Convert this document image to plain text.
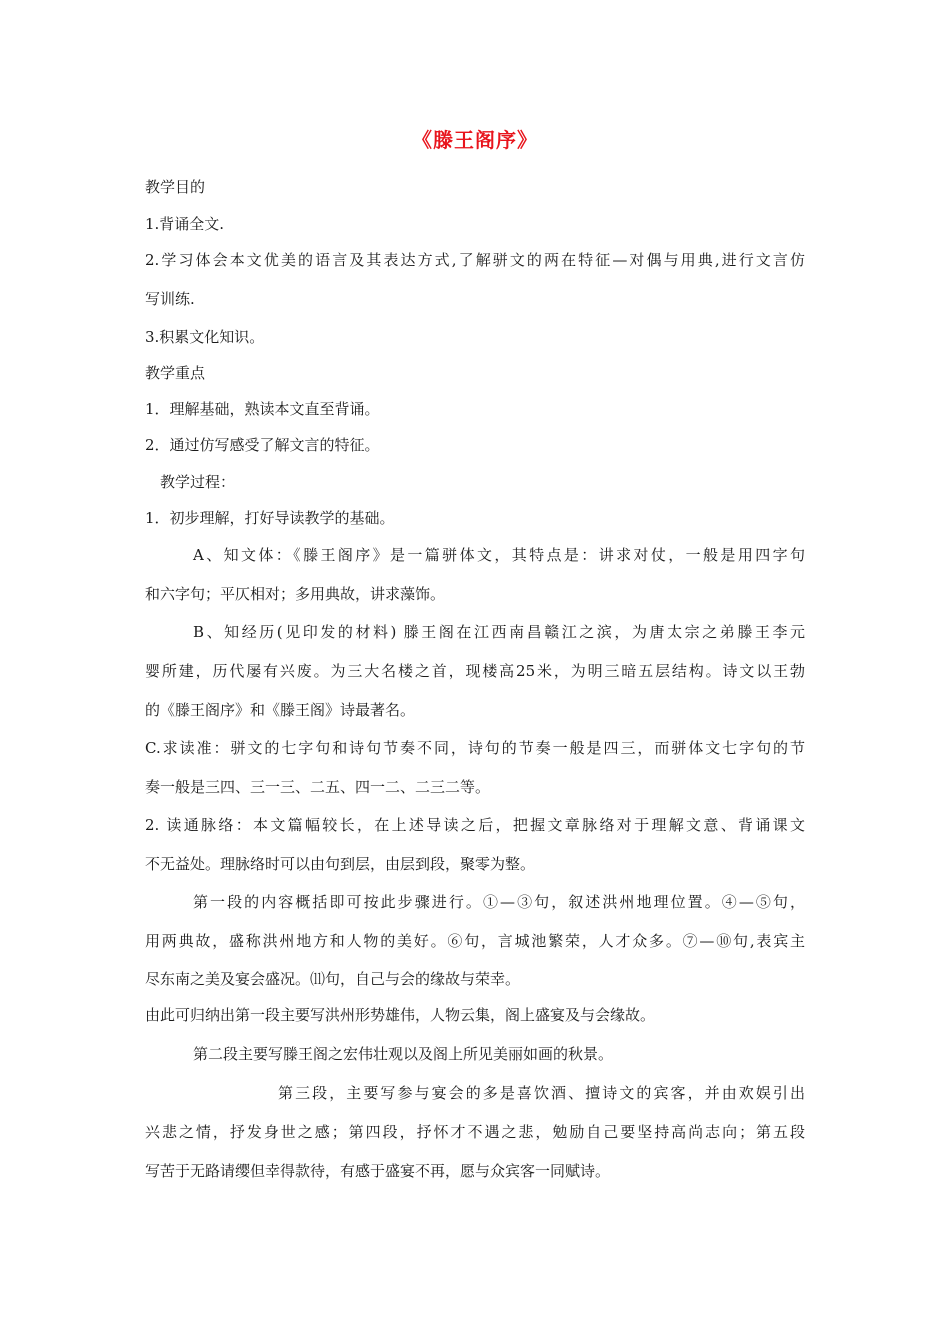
《滕王阁序》
教学目的
1.背诵全文.
2.学习体会本文优美的语言及其表达方式,了解骈文的两在特征—对偶与用典,进行文言仿
写训练.
3.积累文化知识。
教学重点
1．理解基础，熟读本文直至背诵。
2．通过仿写感受了解文言的特征。
教学过程：
1．初步理解，打好导读教学的基础。
A、知文体：《滕王阁序》是一篇骈体文，其特点是：讲求对仗，一般是用四字句
和六字句；平仄相对；多用典故，讲求藻饰。
B、知经历(见印发的材料) 滕王阁在江西南昌赣江之滨，为唐太宗之弟滕王李元
婴所建，历代屡有兴废。为三大名楼之首，现楼高25米，为明三暗五层结构。诗文以王勃
的《滕王阁序》和《滕王阁》诗最著名。
C.求读准：骈文的七字句和诗句节奏不同，诗句的节奏一般是四三，而骈体文七字句的节
奏一般是三四、三一三、二五、四一二、二三二等。
2. 读通脉络：本文篇幅较长，在上述导读之后，把握文章脉络对于理解文意、背诵课文
不无益处。理脉络时可以由句到层，由层到段，聚零为整。
第一段的内容概括即可按此步骤进行。①—③句，叙述洪州地理位置。④—⑤句，
用两典故，盛称洪州地方和人物的美好。⑥句，言城池繁荣，人才众多。⑦—⑩句,表宾主
尽东南之美及宴会盛况。⑾句，自己与会的缘故与荣幸。
由此可归纳出第一段主要写洪州形势雄伟，人物云集，阁上盛宴及与会缘故。
第二段主要写滕王阁之宏伟壮观以及阁上所见美丽如画的秋景。
第三段，主要写参与宴会的多是喜饮酒、擅诗文的宾客，并由欢娱引出
兴悲之情，抒发身世之感；第四段，抒怀才不遇之悲，勉励自己要坚持高尚志向；第五段
写苦于无路请缨但幸得款待，有感于盛宴不再，愿与众宾客一同赋诗。
